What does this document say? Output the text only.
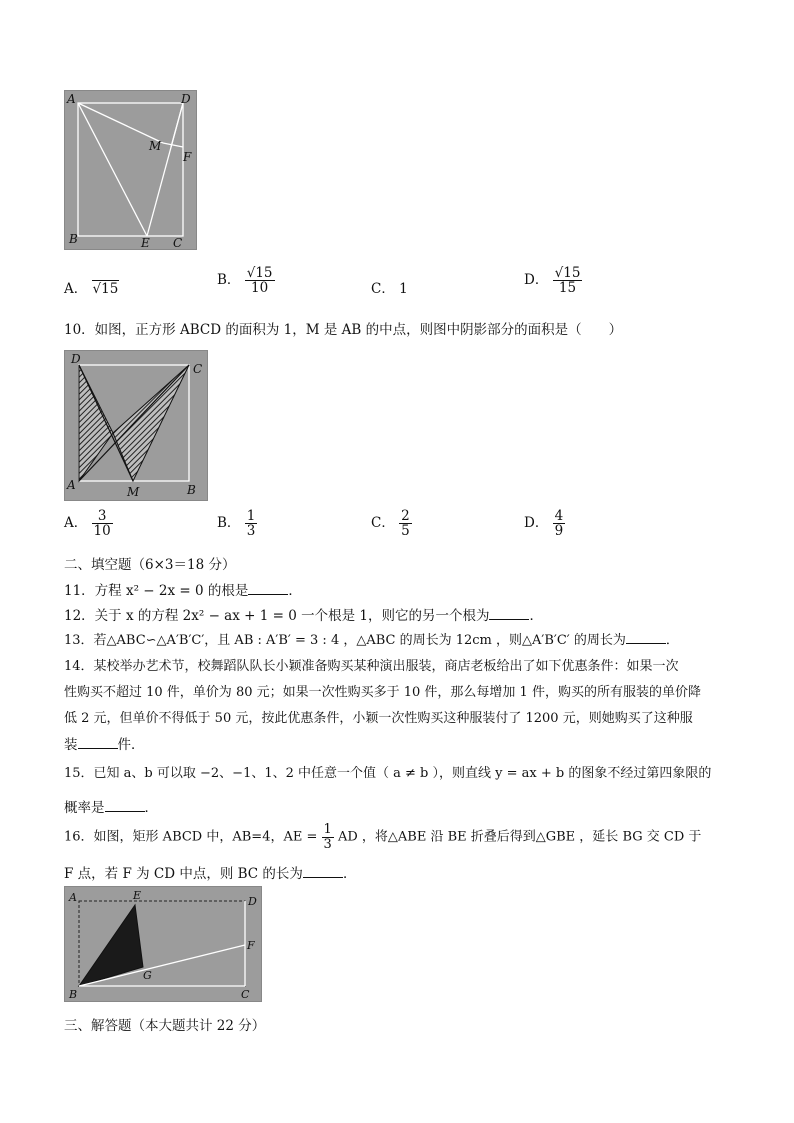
A	D
M
F
B	E C
A． √15
B． $\frac{√15}{10}$	C． 1
D． $\frac{√15}{15}$
10．如图，正方形 ABCD 的面积为 1，M 是 AB 的中点，则图中阴影部分的面积是（　　）
D
C
A	M	B
A． $\frac{3}{10}$	B． $\frac{1}{3}$	C． $\frac{2}{5}$	D． $\frac{4}{9}$
二、填空题（6×3＝18 分）
11．方程 x² − 2x = 0 的根是	．
12．关于 x 的方程 2x² − ax + 1 = 0 一个根是 1，则它的另一个根为	．
13．若△ABC∽△A′B′C′，且 AB : A′B′ = 3 : 4 ，△ABC 的周长为 12cm ，则△A′B′C′ 的周长为	．
14．某校举办艺术节，校舞蹈队队长小颖准备购买某种演出服装，商店老板给出了如下优惠条件：如果一次
性购买不超过 10 件，单价为 80 元；如果一次性购买多于 10 件，那么每增加 1 件，购买的所有服装的单价降
低 2 元，但单价不得低于 50 元，按此优惠条件，小颖一次性购买这种服装付了 1200 元，则她购买了这种服
装	件．
15．已知 a、b 可以取 −2、−1、1、2 中任意一个值（ a ≠ b ），则直线 y = ax + b 的图象不经过第四象限的
概率是	．
16．如图，矩形 ABCD 中，AB=4，AE = $\frac{1}{3}$ AD ，将△ABE 沿 BE 折叠后得到△GBE ，延长 BG 交 CD 于
F 点，若 F 为 CD 中点，则 BC 的长为	．
A	E	D
F
G
B	C
三、解答题（本大题共计 22 分）
